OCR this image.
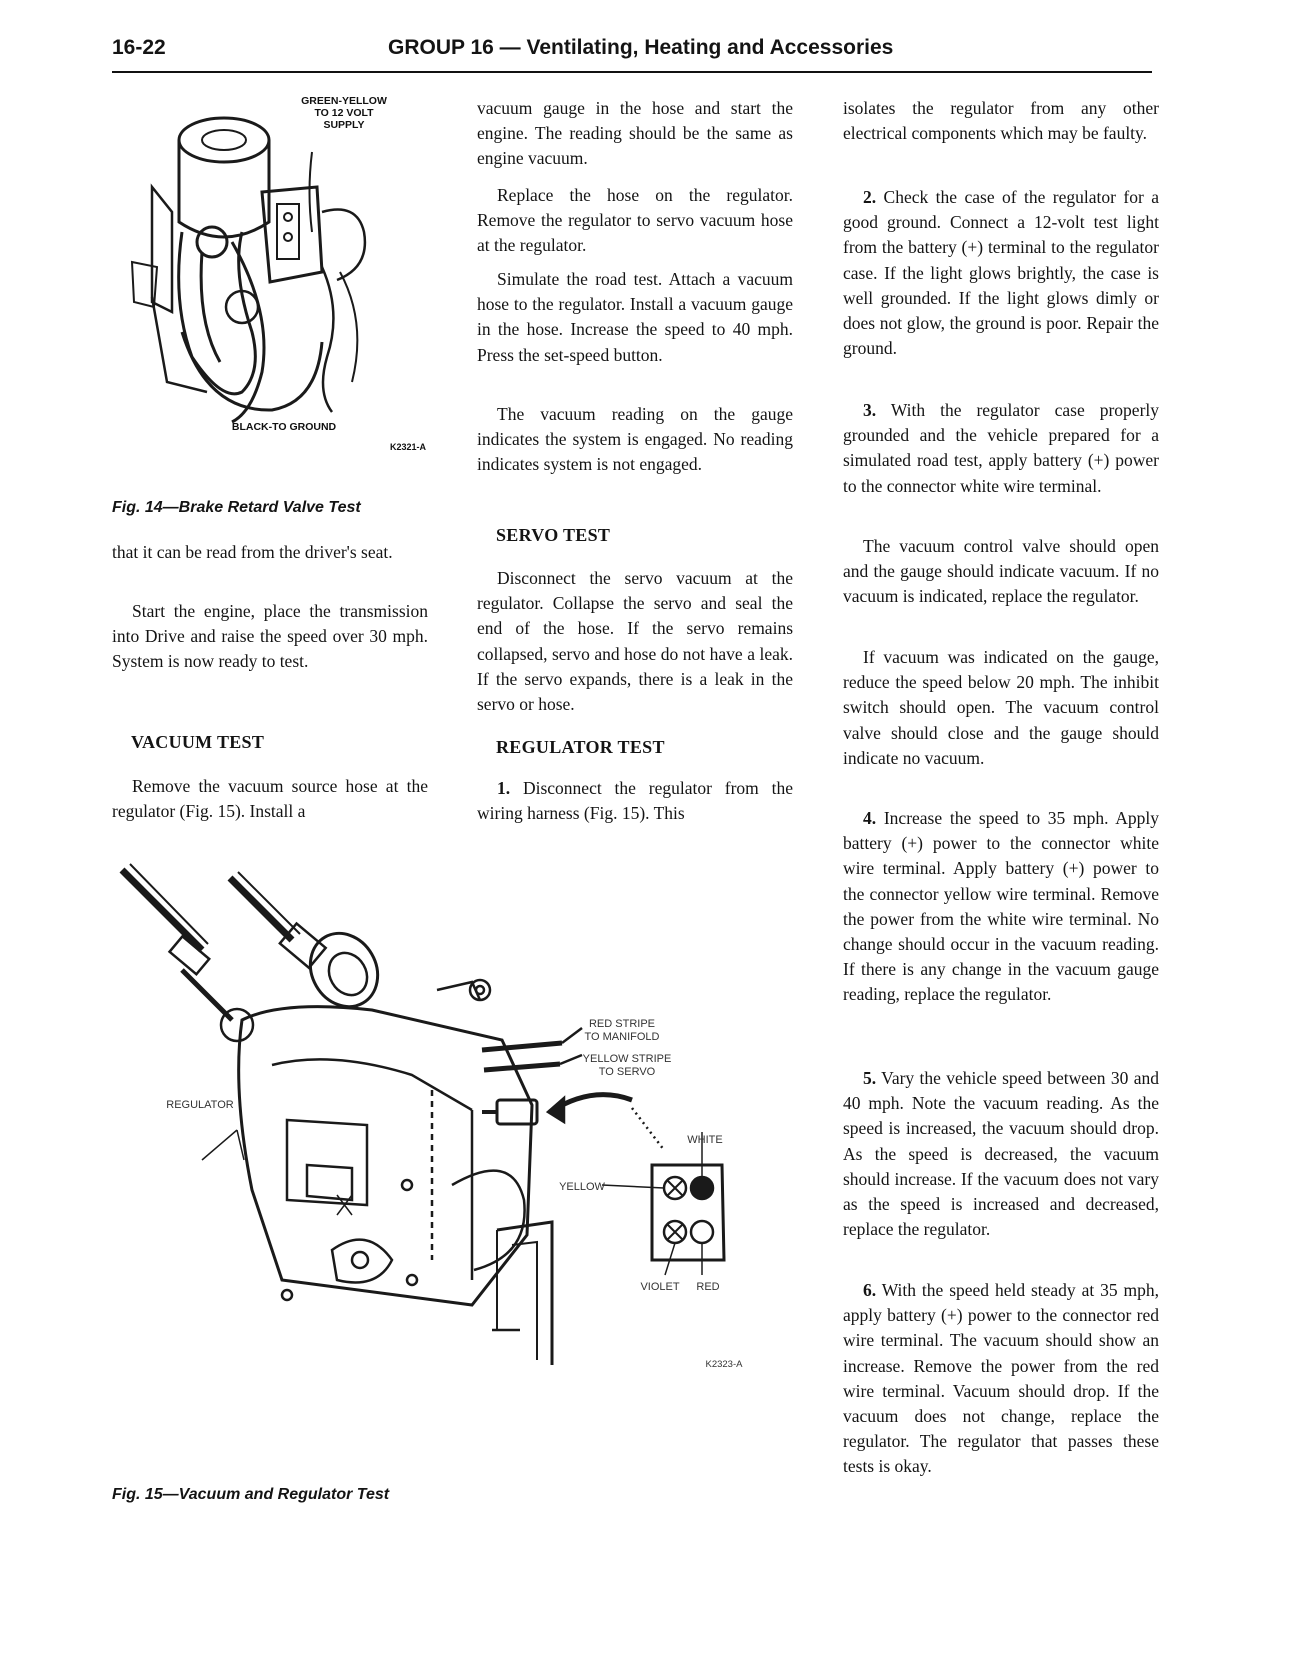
16-22	GROUP 16 — Ventilating, Heating and Accessories
GREEN-YELLOW
TO 12 VOLT
SUPPLY
BLACK-TO GROUND
K2321-A

Fig. 14—Brake Retard Valve Test

that it can be read from the driver's seat.

Start the engine, place the transmission into Drive and raise the speed over 30 mph. System is now ready to test.

VACUUM TEST

Remove the vacuum source hose at the regulator (Fig. 15). Install a

vacuum gauge in the hose and start the engine. The reading should be the same as engine vacuum.

Replace the hose on the regulator. Remove the regulator to servo vacuum hose at the regulator.

Simulate the road test. Attach a vacuum hose to the regulator. Install a vacuum gauge in the hose. Increase the speed to 40 mph. Press the set-speed button.

The vacuum reading on the gauge indicates the system is engaged. No reading indicates system is not engaged.

SERVO TEST

Disconnect the servo vacuum at the regulator. Collapse the servo and seal the end of the hose. If the servo remains collapsed, servo and hose do not have a leak. If the servo expands, there is a leak in the servo or hose.

REGULATOR TEST

1. Disconnect the regulator from the wiring harness (Fig. 15). This

isolates the regulator from any other electrical components which may be faulty.

2. Check the case of the regulator for a good ground. Connect a 12-volt test light from the battery (+) terminal to the regulator case. If the light glows brightly, the case is well grounded. If the light glows dimly or does not glow, the ground is poor. Repair the ground.

3. With the regulator case properly grounded and the vehicle prepared for a simulated road test, apply battery (+) power to the connector white wire terminal.

The vacuum control valve should open and the gauge should indicate vacuum. If no vacuum is indicated, replace the regulator.

If vacuum was indicated on the gauge, reduce the speed below 20 mph. The inhibit switch should open. The vacuum control valve should close and the gauge should indicate no vacuum.

4. Increase the speed to 35 mph. Apply battery (+) power to the connector white wire terminal. Apply battery (+) power to the connector yellow wire terminal. Remove the power from the white wire terminal. No change should occur in the vacuum reading. If there is any change in the vacuum gauge reading, replace the regulator.

5. Vary the vehicle speed between 30 and 40 mph. Note the vacuum reading. As the speed is increased, the vacuum should drop. As the speed is decreased, the vacuum should increase. If the vacuum does not vary as the speed is increased and decreased, replace the regulator.

6. With the speed held steady at 35 mph, apply battery (+) power to the connector red wire terminal. The vacuum should show an increase. Remove the power from the red wire terminal. Vacuum should drop. If the vacuum does not change, replace the regulator. The regulator that passes these tests is okay.

RED STRIPE
TO MANIFOLD
YELLOW STRIPE
TO SERVO
REGULATOR
WHITE
YELLOW
VIOLET RED
K2323-A

Fig. 15—Vacuum and Regulator Test
